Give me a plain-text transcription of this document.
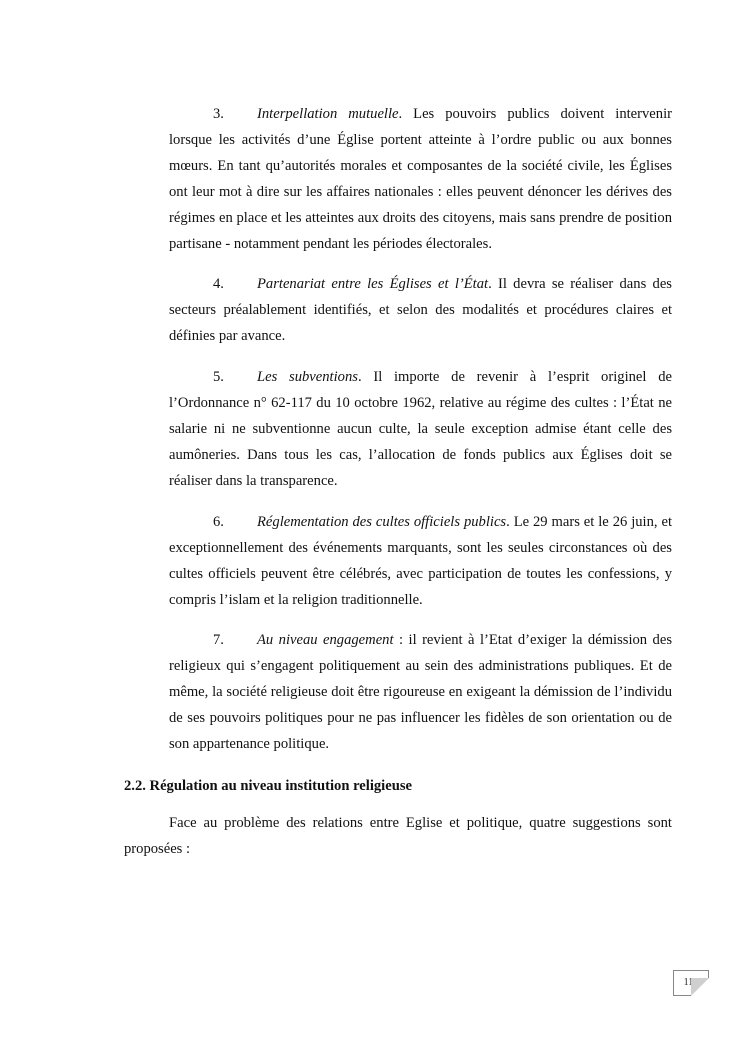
3. Interpellation mutuelle. Les pouvoirs publics doivent intervenir lorsque les activités d’une Église portent atteinte à l’ordre public ou aux bonnes mœurs. En tant qu’autorités morales et composantes de la société civile, les Églises ont leur mot à dire sur les affaires nationales : elles peuvent dénoncer les dérives des régimes en place et les atteintes aux droits des citoyens, mais sans prendre de position partisane - notamment pendant les périodes électorales.
4. Partenariat entre les Églises et l’État. Il devra se réaliser dans des secteurs préalablement identifiés, et selon des modalités et procédures claires et définies par avance.
5. Les subventions. Il importe de revenir à l’esprit originel de l’Ordonnance n° 62-117 du 10 octobre 1962, relative au régime des cultes : l’État ne salarie ni ne subventionne aucun culte, la seule exception admise étant celle des aumôneries. Dans tous les cas, l’allocation de fonds publics aux Églises doit se réaliser dans la transparence.
6. Réglementation des cultes officiels publics. Le 29 mars et le 26 juin, et exceptionnellement des événements marquants, sont les seules circonstances où des cultes officiels peuvent être célébrés, avec participation de toutes les confessions, y compris l’islam et la religion traditionnelle.
7. Au niveau engagement : il revient à l’Etat d’exiger la démission des religieux qui s’engagent politiquement au sein des administrations publiques. Et de même, la société religieuse doit être rigoureuse en exigeant la démission de l’individu de ses pouvoirs politiques pour ne pas influencer les fidèles de son orientation ou de son appartenance politique.
2.2. Régulation au niveau institution religieuse
Face au problème des relations entre Eglise et politique, quatre suggestions sont proposées :
112
